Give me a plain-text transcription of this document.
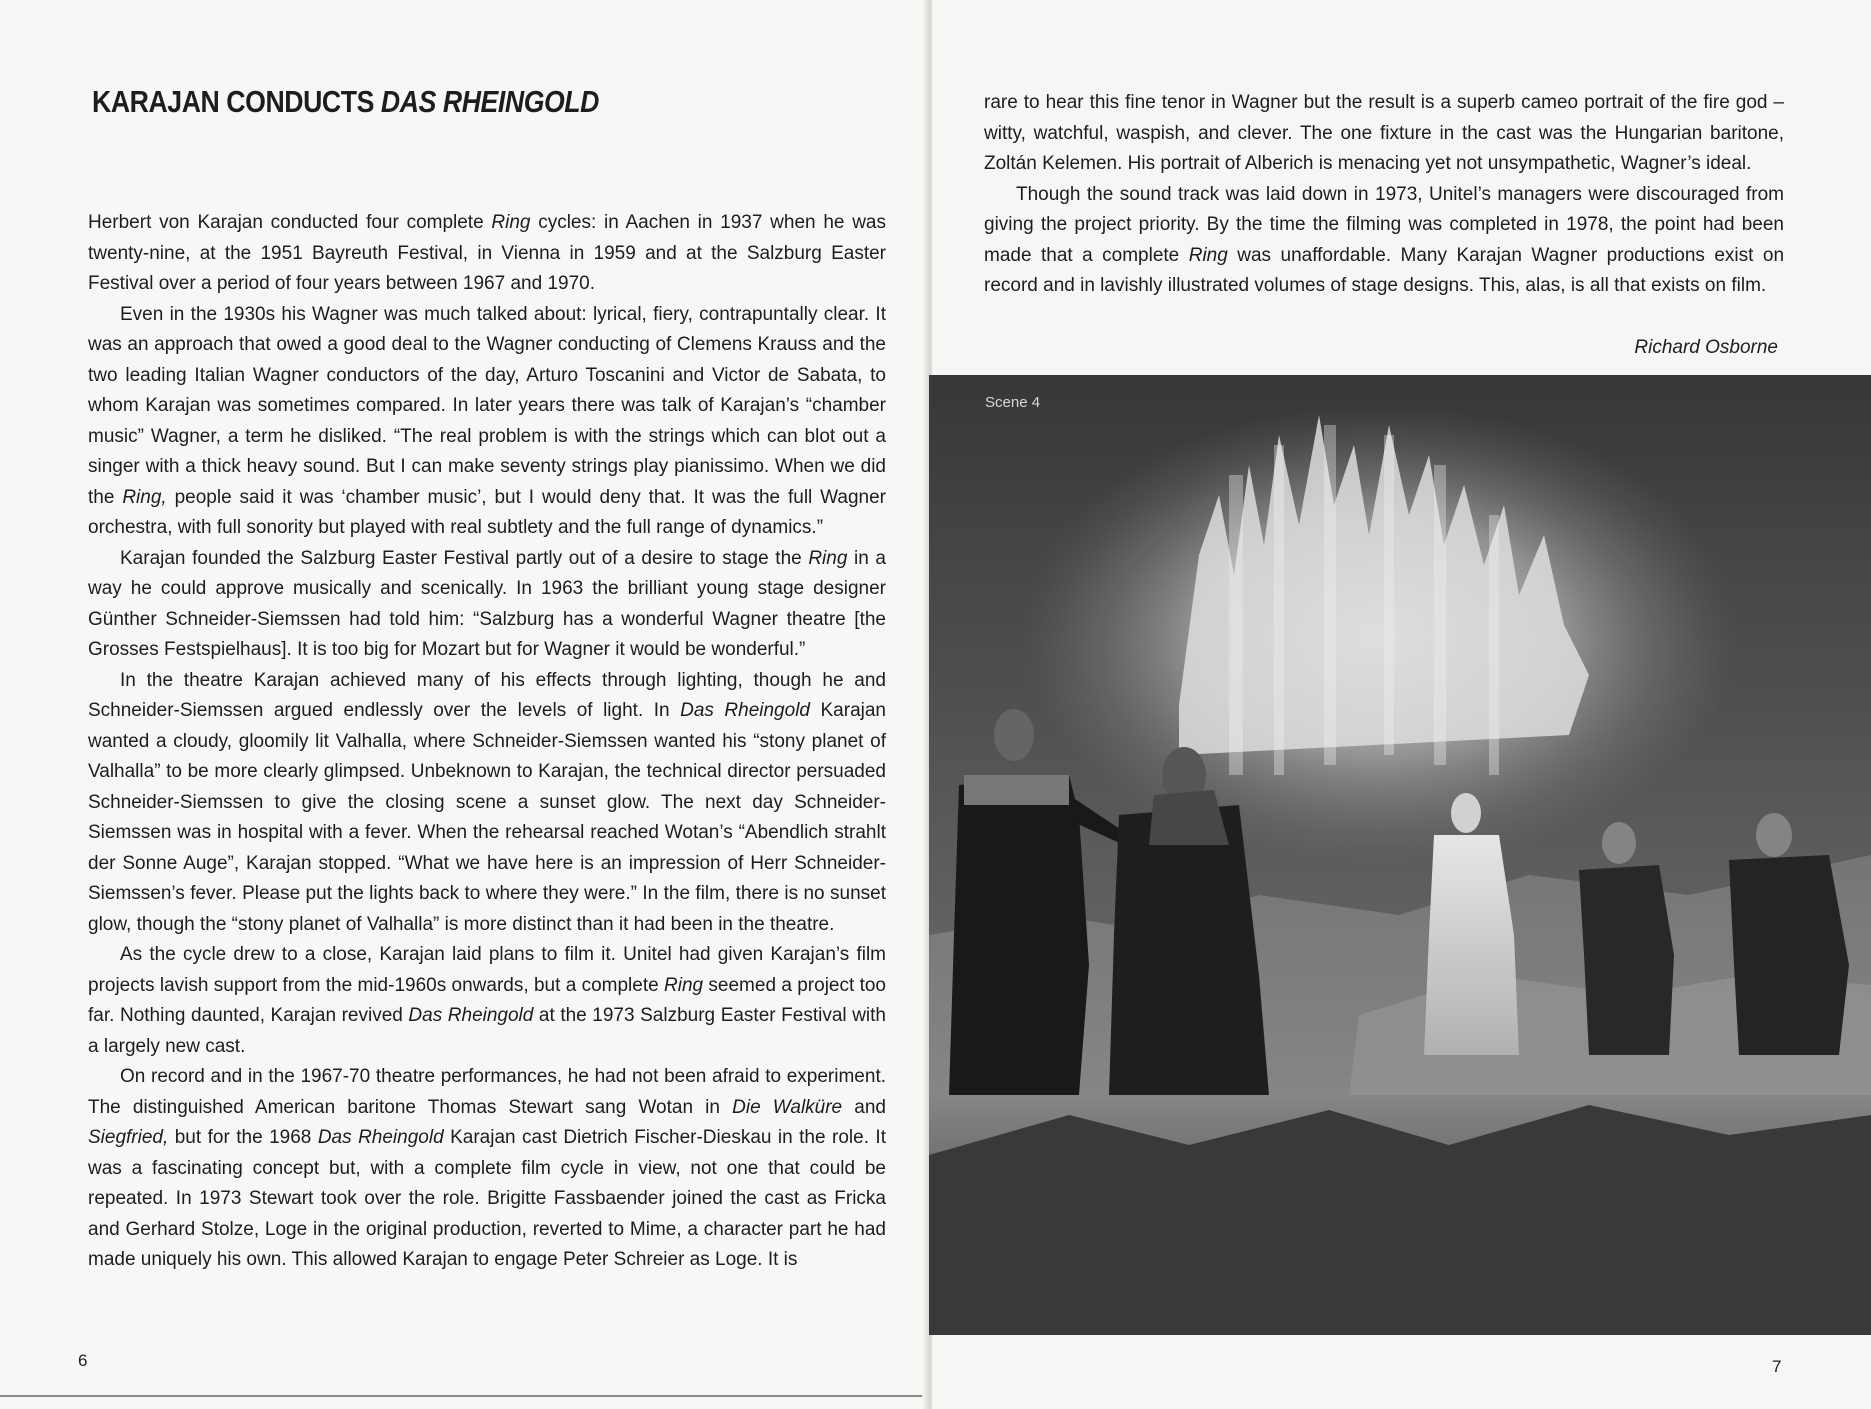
KARAJAN CONDUCTS DAS RHEINGOLD

Herbert von Karajan conducted four complete Ring cycles: in Aachen in 1937 when he was twenty-nine, at the 1951 Bayreuth Festival, in Vienna in 1959 and at the Salzburg Easter Festival over a period of four years between 1967 and 1970.

Even in the 1930s his Wagner was much talked about: lyrical, fiery, contrapuntally clear. It was an approach that owed a good deal to the Wagner conducting of Clemens Krauss and the two leading Italian Wagner conductors of the day, Arturo Toscanini and Victor de Sabata, to whom Karajan was sometimes compared. In later years there was talk of Karajan’s “chamber music” Wagner, a term he disliked. “The real problem is with the strings which can blot out a singer with a thick heavy sound. But I can make seventy strings play pianissimo. When we did the Ring, people said it was ‘chamber music’, but I would deny that. It was the full Wagner orchestra, with full sonority but played with real subtlety and the full range of dynamics.”

Karajan founded the Salzburg Easter Festival partly out of a desire to stage the Ring in a way he could approve musically and scenically. In 1963 the brilliant young stage designer Günther Schneider-Siemssen had told him: “Salzburg has a wonderful Wagner theatre [the Grosses Festspielhaus]. It is too big for Mozart but for Wagner it would be wonderful.”

In the theatre Karajan achieved many of his effects through lighting, though he and Schneider-Siemssen argued endlessly over the levels of light. In Das Rheingold Karajan wanted a cloudy, gloomily lit Valhalla, where Schneider-Siemssen wanted his “stony planet of Valhalla” to be more clearly glimpsed. Unbeknown to Karajan, the technical director persuaded Schneider-Siemssen to give the closing scene a sunset glow. The next day Schneider-Siemssen was in hospital with a fever. When the rehearsal reached Wotan’s “Abendlich strahlt der Sonne Auge”, Karajan stopped. “What we have here is an impression of Herr Schneider-Siemssen’s fever. Please put the lights back to where they were.” In the film, there is no sunset glow, though the “stony planet of Valhalla” is more distinct than it had been in the theatre.

As the cycle drew to a close, Karajan laid plans to film it. Unitel had given Karajan’s film projects lavish support from the mid-1960s onwards, but a complete Ring seemed a project too far. Nothing daunted, Karajan revived Das Rheingold at the 1973 Salzburg Easter Festival with a largely new cast.

On record and in the 1967-70 theatre performances, he had not been afraid to experiment. The distinguished American baritone Thomas Stewart sang Wotan in Die Walküre and Siegfried, but for the 1968 Das Rheingold Karajan cast Dietrich Fischer-Dieskau in the role. It was a fascinating concept but, with a complete film cycle in view, not one that could be repeated. In 1973 Stewart took over the role. Brigitte Fassbaender joined the cast as Fricka and Gerhard Stolze, Loge in the original production, reverted to Mime, a character part he had made uniquely his own. This allowed Karajan to engage Peter Schreier as Loge. It is

6

rare to hear this fine tenor in Wagner but the result is a superb cameo portrait of the fire god – witty, watchful, waspish, and clever. The one fixture in the cast was the Hungarian baritone, Zoltán Kelemen. His portrait of Alberich is menacing yet not unsympathetic, Wagner’s ideal.

Though the sound track was laid down in 1973, Unitel’s managers were discouraged from giving the project priority. By the time the filming was completed in 1978, the point had been made that a complete Ring was unaffordable. Many Karajan Wagner productions exist on record and in lavishly illustrated volumes of stage designs. This, alas, is all that exists on film.

Richard Osborne
7
Scene 4
